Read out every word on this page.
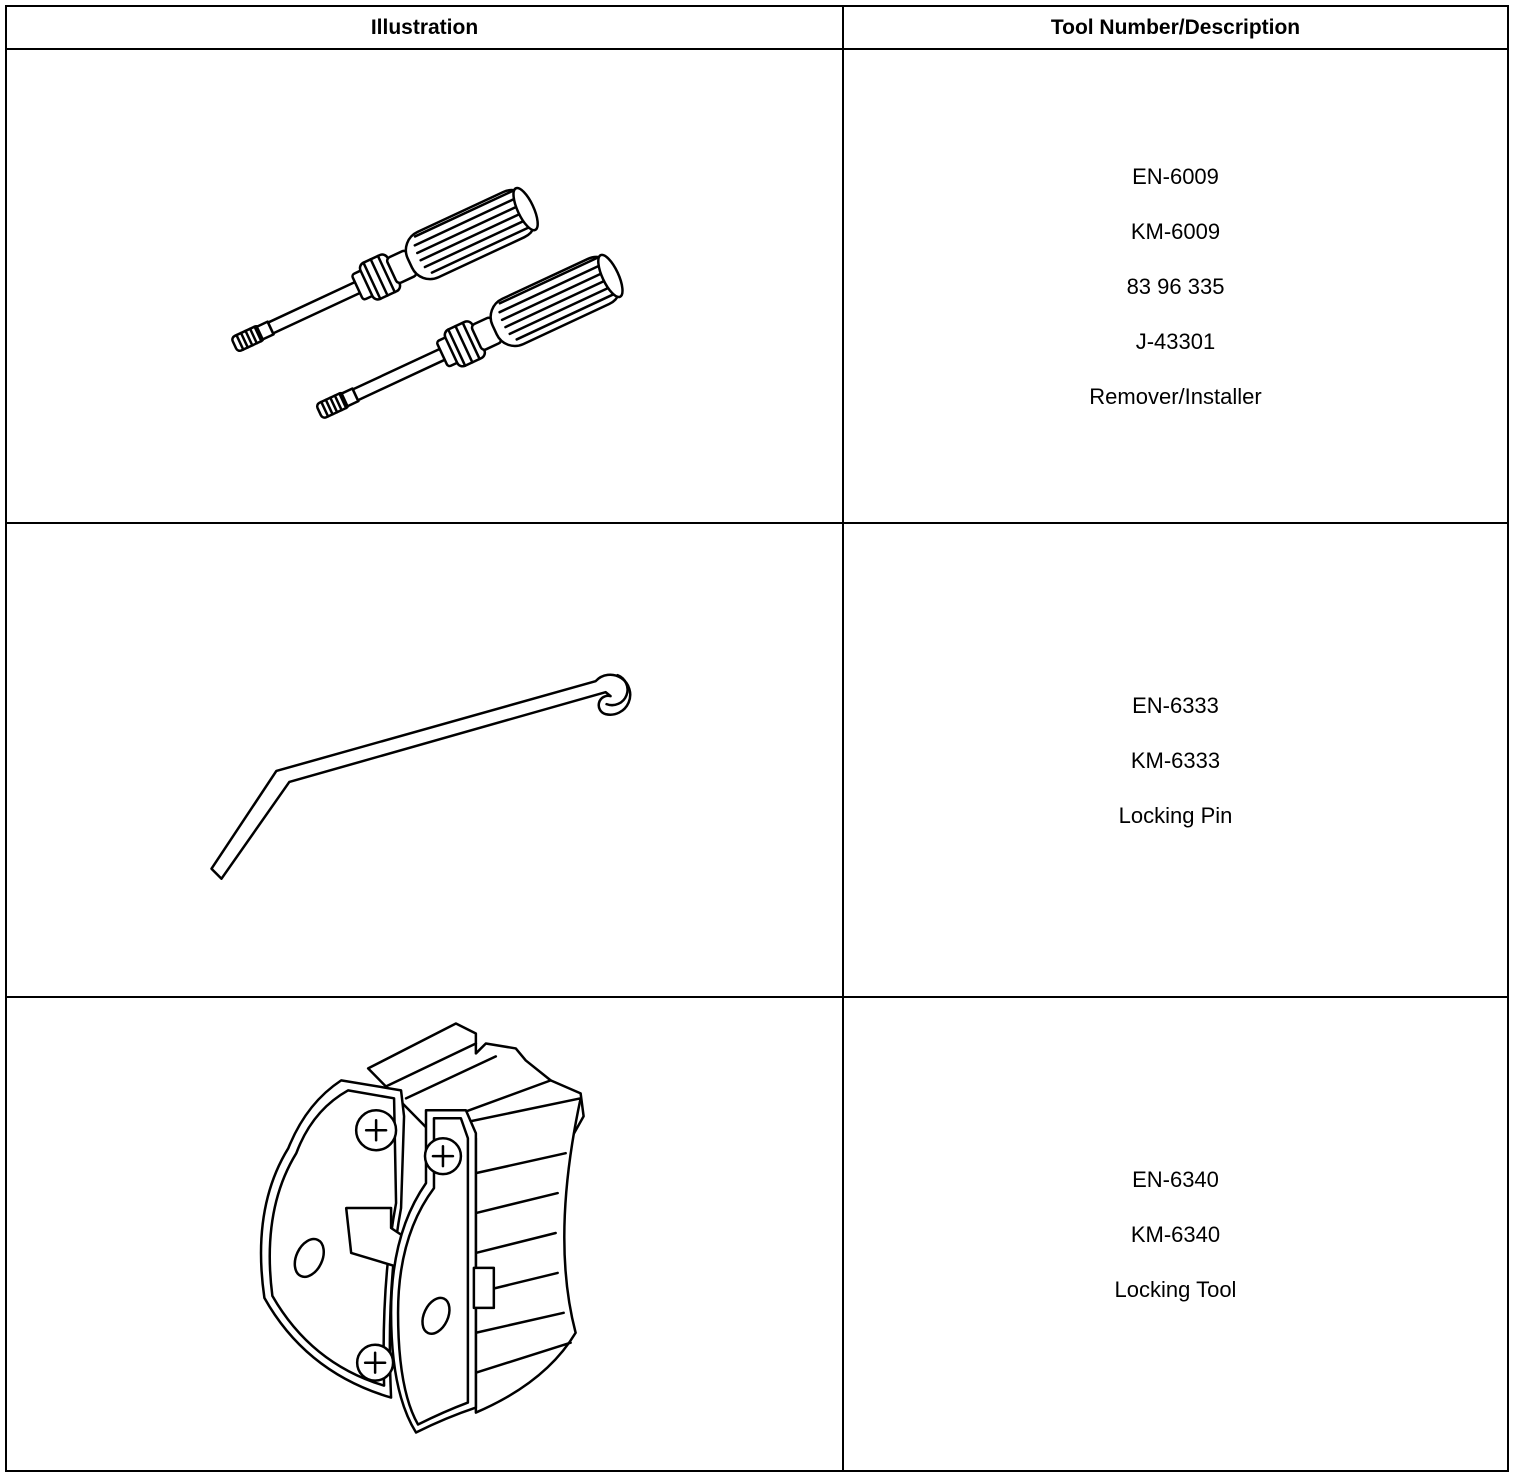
Illustration	Tool Number/Description

EN-6009
KM-6009
83 96 335
J-43301
Remover/Installer

EN-6333
KM-6333
Locking Pin

EN-6340
KM-6340
Locking Tool
